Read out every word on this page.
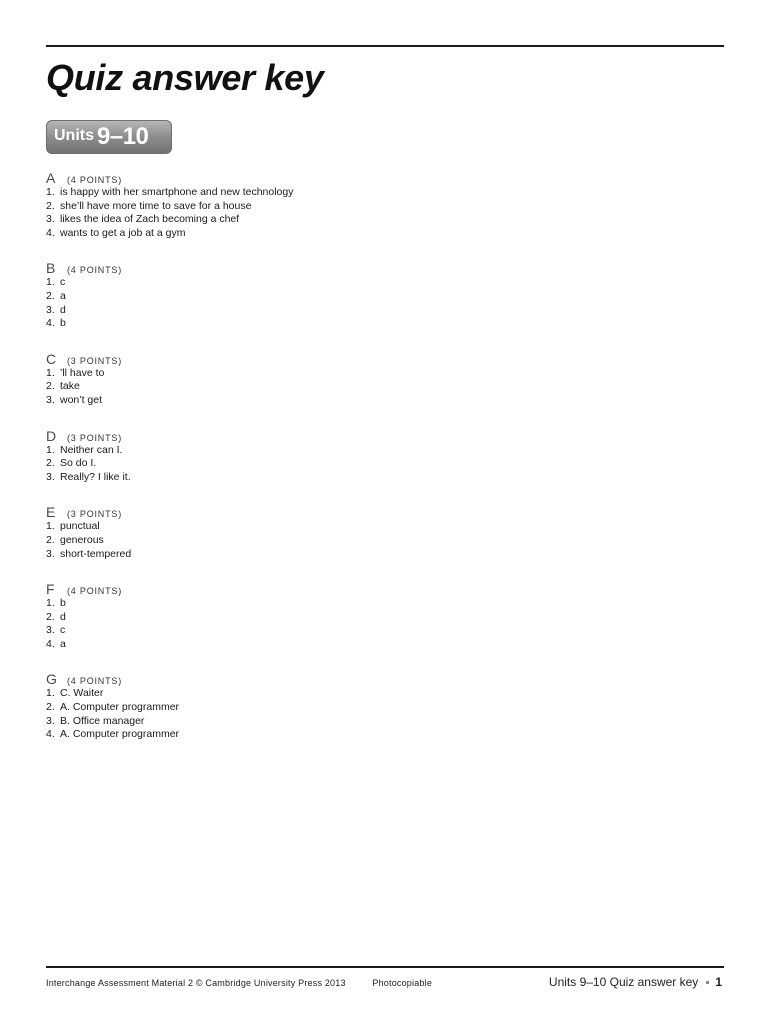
Quiz answer key
Units 9–10
A	(4 POINTS)
1. is happy with her smartphone and new technology
2. she’ll have more time to save for a house
3. likes the idea of Zach becoming a chef
4. wants to get a job at a gym
B	(4 POINTS)
1. c
2. a
3. d
4. b
C	(3 POINTS)
1. ’ll have to
2. take
3. won’t get
D	(3 POINTS)
1. Neither can I.
2. So do I.
3. Really? I like it.
E	(3 POINTS)
1. punctual
2. generous
3. short-tempered
F	(4 POINTS)
1. b
2. d
3. c
4. a
G	(4 POINTS)
1. C. Waiter
2. A. Computer programmer
3. B. Office manager
4. A. Computer programmer
Interchange Assessment Material 2 © Cambridge University Press 2013	Photocopiable	Units 9–10 Quiz answer key 1
